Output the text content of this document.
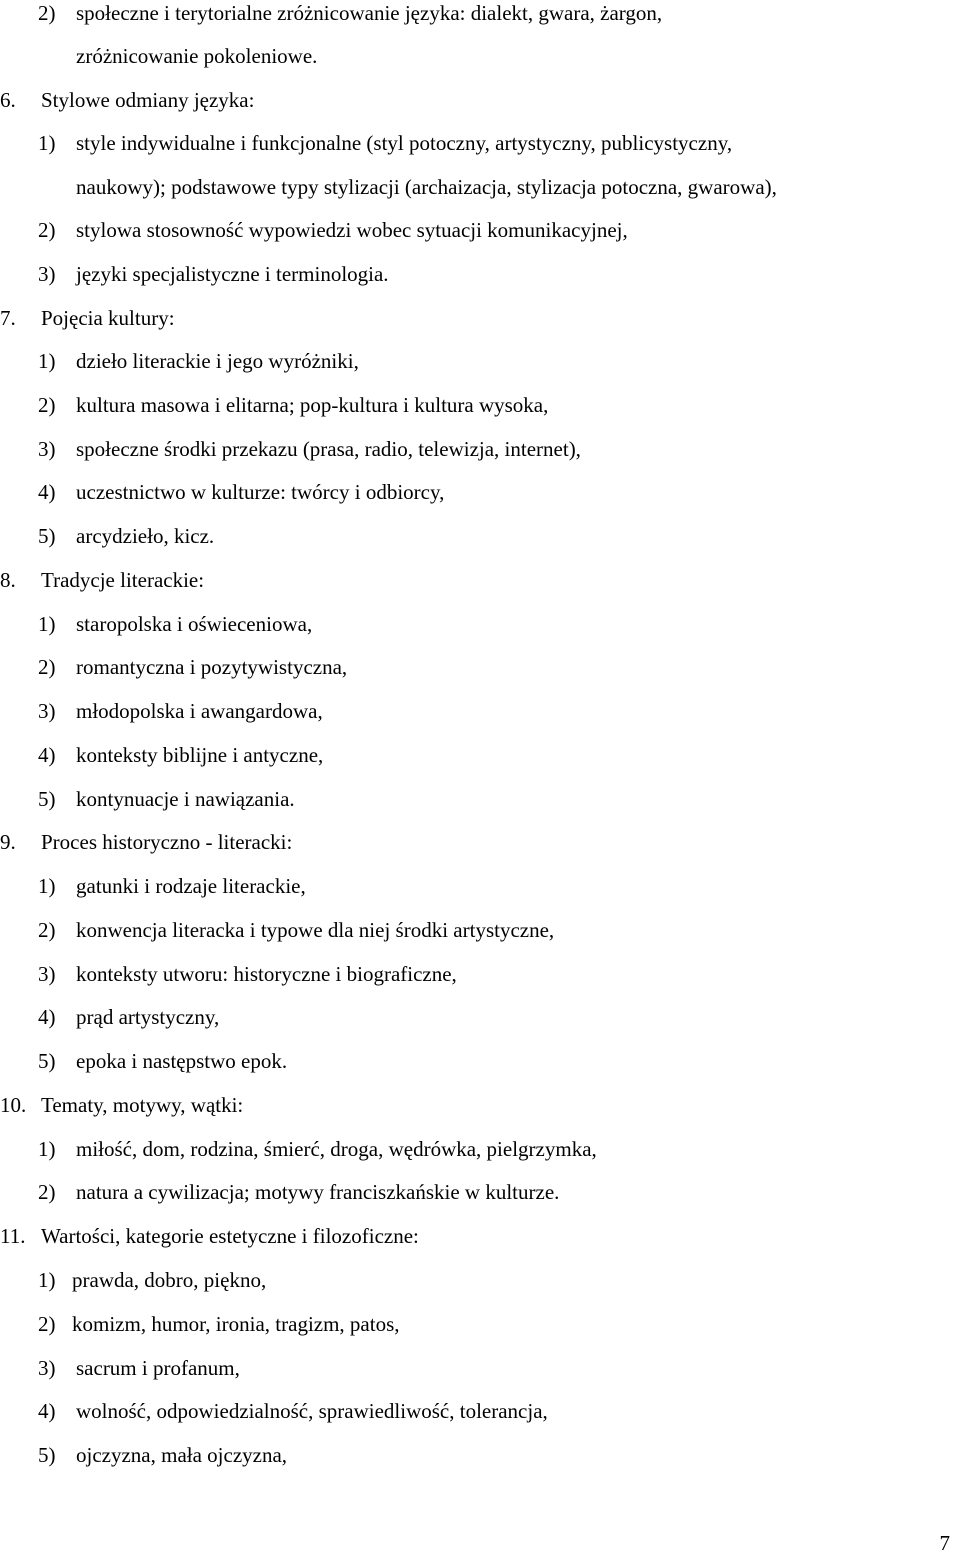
2) społeczne i terytorialne zróżnicowanie języka: dialekt, gwara, żargon,
zróżnicowanie pokoleniowe.
6. Stylowe odmiany języka:
1) style indywidualne i funkcjonalne (styl potoczny, artystyczny, publicystyczny,
naukowy); podstawowe typy stylizacji (archaizacja, stylizacja potoczna, gwarowa),
2) stylowa stosowność wypowiedzi wobec sytuacji komunikacyjnej,
3) języki specjalistyczne i terminologia.
7. Pojęcia kultury:
1) dzieło literackie i jego wyróżniki,
2) kultura masowa i elitarna; pop-kultura i kultura wysoka,
3) społeczne środki przekazu (prasa, radio, telewizja, internet),
4) uczestnictwo w kulturze: twórcy i odbiorcy,
5) arcydzieło, kicz.
8. Tradycje literackie:
1) staropolska i oświeceniowa,
2) romantyczna i pozytywistyczna,
3) młodopolska i awangardowa,
4) konteksty biblijne i antyczne,
5) kontynuacje i nawiązania.
9. Proces historyczno - literacki:
1) gatunki i rodzaje literackie,
2) konwencja literacka i typowe dla niej środki artystyczne,
3) konteksty utworu: historyczne i biograficzne,
4) prąd artystyczny,
5) epoka i następstwo epok.
10. Tematy, motywy, wątki:
1) miłość, dom, rodzina, śmierć, droga, wędrówka, pielgrzymka,
2) natura a cywilizacja; motywy franciszkańskie w kulturze.
11. Wartości, kategorie estetyczne i filozoficzne:
1) prawda, dobro, piękno,
2) komizm, humor, ironia, tragizm, patos,
3) sacrum i profanum,
4) wolność, odpowiedzialność, sprawiedliwość, tolerancja,
5) ojczyzna, mała ojczyzna,
7
